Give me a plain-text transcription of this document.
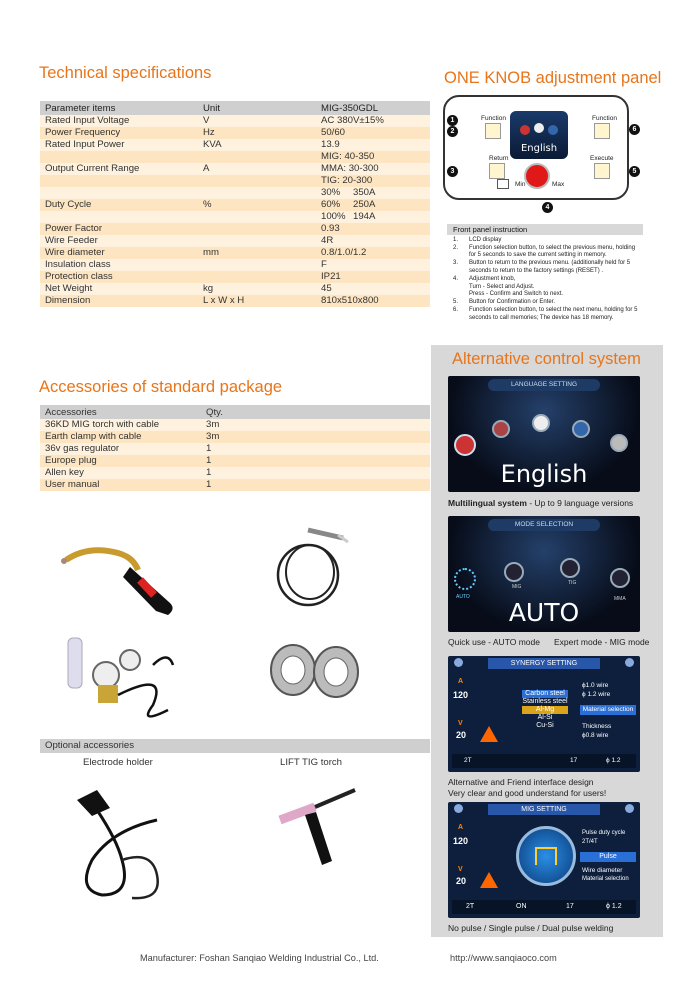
Technical specifications
Parameter items	Unit	MIG-350GDL
Rated Input Voltage	V	AC 380V±15%
Power Frequency	Hz	50/60
Rated Input Power	KVA	13.9
		MIG: 40-350
Output Current Range	A	MMA: 30-300
		TIG: 20-300
		30% 350A
Duty Cycle	%	60% 250A
		100% 194A
Power Factor		0.93
Wire Feeder		4R
Wire diameter	mm	0.8/1.0/1.2
Insulation class		F
Protection class		IP21
Net Weight	kg	45
Dimension	L x W x H	810x510x800
Accessories of standard package
Accessories	Qty.
36KD MIG torch with cable	3m
Earth clamp with cable	3m
36v gas regulator	1
Europe plug	1
Allen key	1
User manual	1
Optional accessories
Electrode holder	LIFT TIG torch
ONE KNOB adjustment panel
English
Function	Function
Return	Execute
Min	Max
1
2
3
4
5
6
Front panel instruction
1.	LCD display
2.	Function selection button, to select the previous menu, holding for 5 seconds to save the current setting in memory.
3.	Button to return to the previous menu. (additionally held for 5 seconds to return to the factory settings (RESET) .
4.	Adjustment knob,
Turn - Select and Adjust.
Press - Confirm and Switch to next.
5.	Button for Confirmation or Enter.
6.	Function selection button, to select the next menu, holding for 5 seconds to call memories; The device has 18 memory.
Alternative control system
LANGUAGE SETTING
English
Multilingual system - Up to 9 language versions
MODE SELECTION
AUTO
MIG
TIG
MMA
AUTO
Quick use - AUTO mode Expert mode - MIG mode
SYNERGY SETTING
A
120
V
20
Carbon steel
Stainless steel
Al-Mg
Al-Si
Cu-Si
ϕ1.0 wire
ϕ 1.2 wire
Material selection
Thickness
ϕ0.8 wire
2T	17	ϕ 1.2
Alternative and Friend interface design
Very clear and good understand for users!
MIG SETTING
A
120
V
20
Pulse duty cycle
2T/4T
Pulse
Wire diameter
Material selection
2T	ON	17	ϕ 1.2
No pulse / Single pulse / Dual pulse welding
Manufacturer: Foshan Sanqiao Welding Industrial Co., Ltd.	http://www.sanqiaoco.com
